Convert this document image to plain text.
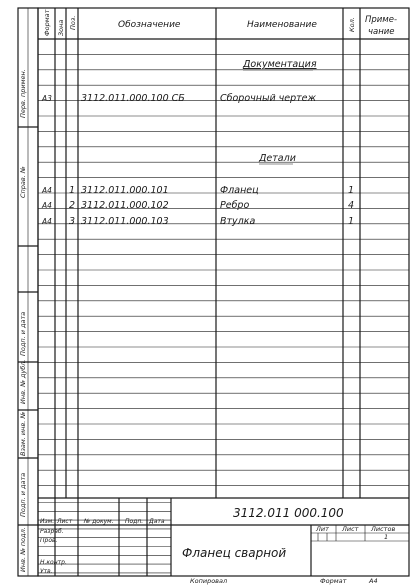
Перв. примен.
Справ. №
Подп. и дата
Инв. № дубл.
Взам. инв. №
Подп. и дата
Инв. № подл.
Формат Зона Поз.	Обозначение	Наименование	Кол. Приме-
чание
Документация
Детали
А3	3112.011.000.100 СБ	Сборочный чертеж
А4 1 3112.011.000.101	Фланец	1
А4 2 3112.011.000.102	Ребро	4
А4 3 3112.011.000.103	Втулка	1
Изм. Лист № докум. Подп. Дата
Разраб.
Пров.
Н.контр.
Утв.
3112.011 000.100
Фланец сварной
Лит Лист Листов
1
Копировал	Формат	А4
